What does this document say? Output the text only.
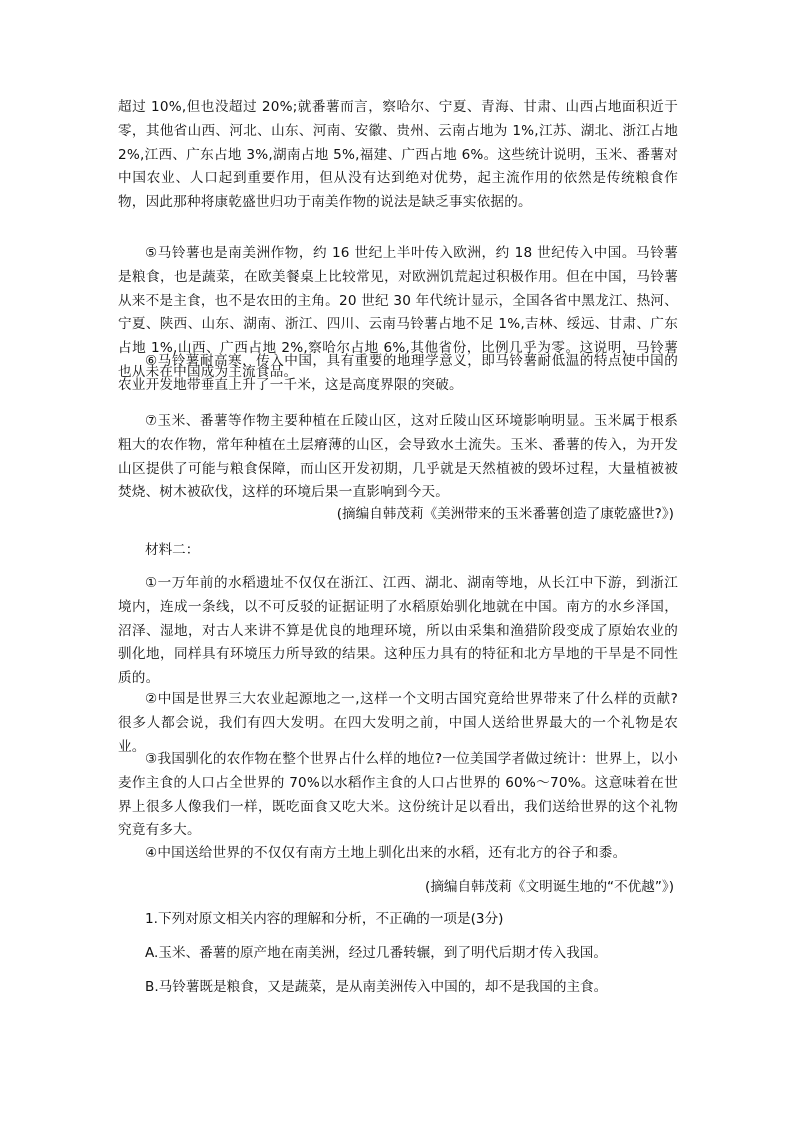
超过 10%,但也没超过 20%;就番薯而言，察哈尔、宁夏、青海、甘肃、山西占地面积近于零，其他省山西、河北、山东、河南、安徽、贵州、云南占地为 1%,江苏、湖北、浙江占地 2%,江西、广东占地 3%,湖南占地 5%,福建、广西占地 6%。这些统计说明，玉米、番薯对中国农业、人口起到重要作用，但从没有达到绝对优势，起主流作用的依然是传统粮食作物，因此那种将康乾盛世归功于南美作物的说法是缺乏事实依据的。

⑤马铃薯也是南美洲作物，约 16 世纪上半叶传入欧洲，约 18 世纪传入中国。马铃薯是粮食，也是蔬菜，在欧美餐桌上比较常见，对欧洲饥荒起过积极作用。但在中国，马铃薯从来不是主食，也不是农田的主角。20 世纪 30 年代统计显示，全国各省中黑龙江、热河、宁夏、陕西、山东、湖南、浙江、四川、云南马铃薯占地不足 1%,吉林、绥远、甘肃、广东占地 1%,山西、广西占地 2%,察哈尔占地 6%,其他省份，比例几乎为零。这说明，马铃薯也从未在中国成为主流食品。

⑥马铃薯耐高寒，传入中国，具有重要的地理学意义，即马铃薯耐低温的特点使中国的农业开发地带垂直上升了一千米，这是高度界限的突破。

⑦玉米、番薯等作物主要种植在丘陵山区，这对丘陵山区环境影响明显。玉米属于根系粗大的农作物，常年种植在土层瘠薄的山区，会导致水土流失。玉米、番薯的传入，为开发山区提供了可能与粮食保障，而山区开发初期，几乎就是天然植被的毁坏过程，大量植被被焚烧、树木被砍伐，这样的环境后果一直影响到今天。

(摘编自韩茂莉《美洲带来的玉米番薯创造了康乾盛世?》)

材料二：

①一万年前的水稻遗址不仅仅在浙江、江西、湖北、湖南等地，从长江中下游，到浙江境内，连成一条线，以不可反驳的证据证明了水稻原始驯化地就在中国。南方的水乡泽国，沼泽、湿地，对古人来讲不算是优良的地理环境，所以由采集和渔猎阶段变成了原始农业的驯化地，同样具有环境压力所导致的结果。这种压力具有的特征和北方旱地的干旱是不同性质的。

②中国是世界三大农业起源地之一,这样一个文明古国究竟给世界带来了什么样的贡献?很多人都会说，我们有四大发明。在四大发明之前，中国人送给世界最大的一个礼物是农业。

③我国驯化的农作物在整个世界占什么样的地位?一位美国学者做过统计：世界上，以小麦作主食的人口占全世界的 70%以水稻作主食的人口占世界的 60%～70%。这意味着在世界上很多人像我们一样，既吃面食又吃大米。这份统计足以看出，我们送给世界的这个礼物究竟有多大。

④中国送给世界的不仅仅有南方土地上驯化出来的水稻，还有北方的谷子和黍。

(摘编自韩茂莉《文明诞生地的“不优越”》)

1.下列对原文相关内容的理解和分析，不正确的一项是(3分)

A.玉米、番薯的原产地在南美洲，经过几番转辗，到了明代后期才传入我国。

B.马铃薯既是粮食，又是蔬菜，是从南美洲传入中国的，却不是我国的主食。
